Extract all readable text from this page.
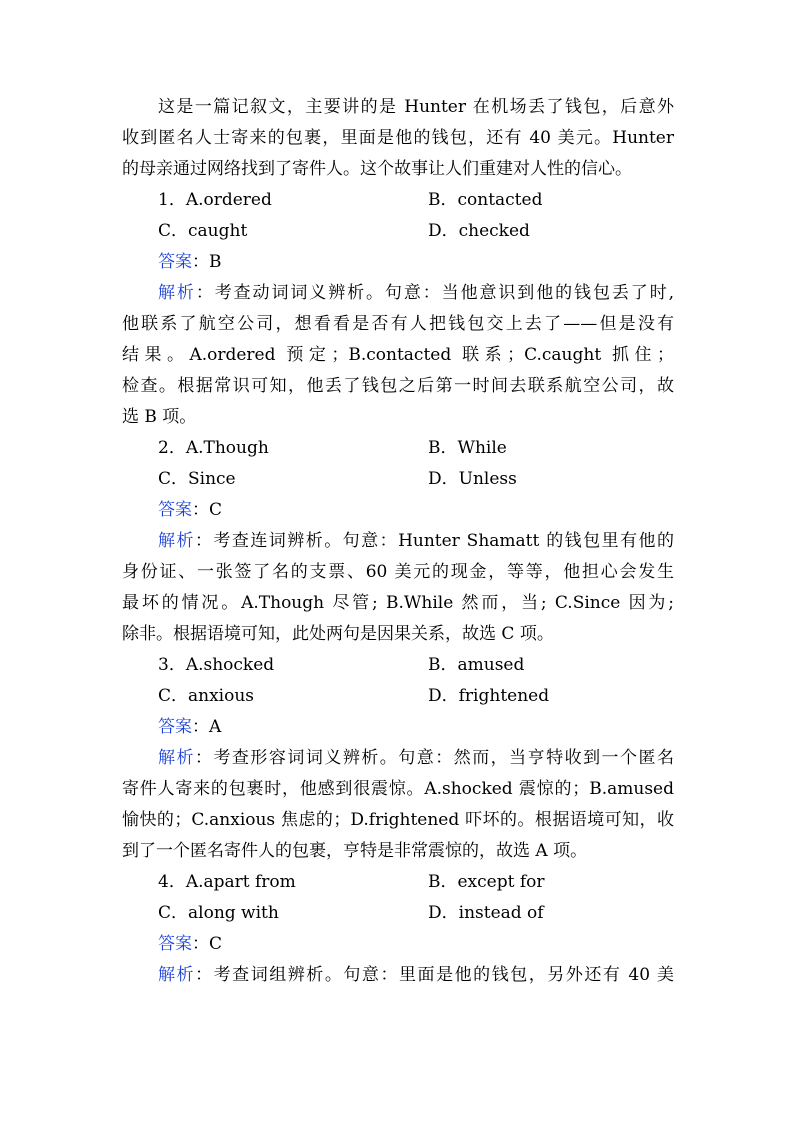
这是一篇记叙文，主要讲的是 Hunter 在机场丢了钱包，后意外
收到匿名人士寄来的包裹，里面是他的钱包，还有 40 美元。Hunter
的母亲通过网络找到了寄件人。这个故事让人们重建对人性的信心。
1．A.ordered	B．contacted
C．caught	D．checked
答案：B
解析：考查动词词义辨析。句意：当他意识到他的钱包丢了时,
他联系了航空公司，想看看是否有人把钱包交上去了——但是没有
结果。A.ordered 预定；B.contacted 联系；C.caught 抓住；
检查。根据常识可知，他丢了钱包之后第一时间去联系航空公司，故
选 B 项。
2．A.Though	B．While
C．Since	D．Unless
答案：C
解析：考查连词辨析。句意：Hunter Shamatt 的钱包里有他的
身份证、一张签了名的支票、60 美元的现金，等等，他担心会发生
最坏的情况。A.Though 尽管; B.While 然而，当; C.Since 因为;
除非。根据语境可知，此处两句是因果关系，故选 C 项。
3．A.shocked	B．amused
C．anxious	D．frightened
答案：A
解析：考查形容词词义辨析。句意：然而，当亨特收到一个匿名
寄件人寄来的包裹时，他感到很震惊。A.shocked 震惊的；B.amused
愉快的；C.anxious 焦虑的；D.frightened 吓坏的。根据语境可知，收
到了一个匿名寄件人的包裹，亨特是非常震惊的，故选 A 项。
4．A.apart from	B．except for
C．along with	D．instead of
答案：C
解析：考查词组辨析。句意：里面是他的钱包，另外还有 40 美
